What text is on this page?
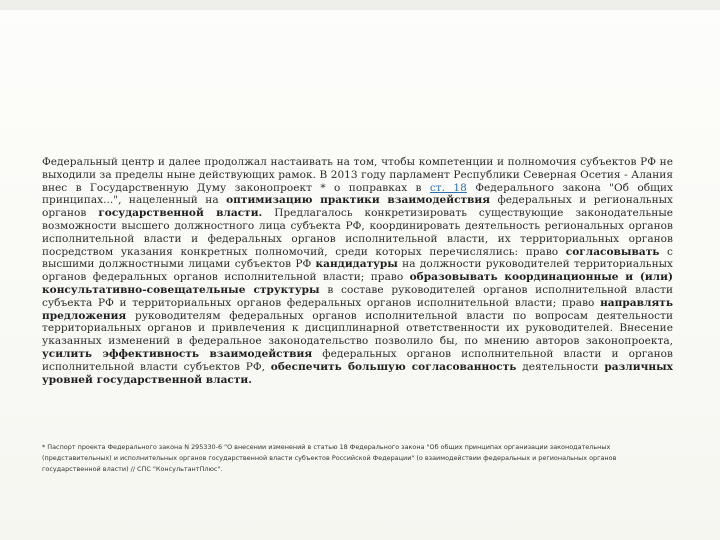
Федеральный центр и далее продолжал настаивать на том, чтобы компетенции и полномочия субъектов РФ не выходили за пределы ныне действующих рамок. В 2013 году парламент Республики Северная Осетия - Алания внес в Государственную Думу законопроект * о поправках в ст. 18 Федерального закона "Об общих принципах...", нацеленный на оптимизацию практики взаимодействия федеральных и региональных органов государственной власти. Предлагалось конкретизировать существующие законодательные возможности высшего должностного лица субъекта РФ, координировать деятельность региональных органов исполнительной власти и федеральных органов исполнительной власти, их территориальных органов посредством указания конкретных полномочий, среди которых перечислялись: право согласовывать с высшими должностными лицами субъектов РФ кандидатуры на должности руководителей территориальных органов федеральных органов исполнительной власти; право образовывать координационные и (или) консультативно-совещательные структуры в составе руководителей органов исполнительной власти субъекта РФ и территориальных органов федеральных органов исполнительной власти; право направлять предложения руководителям федеральных органов исполнительной власти по вопросам деятельности территориальных органов и привлечения к дисциплинарной ответственности их руководителей. Внесение указанных изменений в федеральное законодательство позволило бы, по мнению авторов законопроекта, усилить эффективность взаимодействия федеральных органов исполнительной власти и органов исполнительной власти субъектов РФ, обеспечить большую согласованность деятельности различных уровней государственной власти.
* Паспорт проекта Федерального закона N 295330-6 "О внесении изменений в статью 18 Федерального закона "Об общих принципах организации законодательных (представительных) и исполнительных органов государственной власти субъектов Российской Федерации" (о взаимодействии федеральных и региональных органов государственной власти) // СПС "КонсультантПлюс".
